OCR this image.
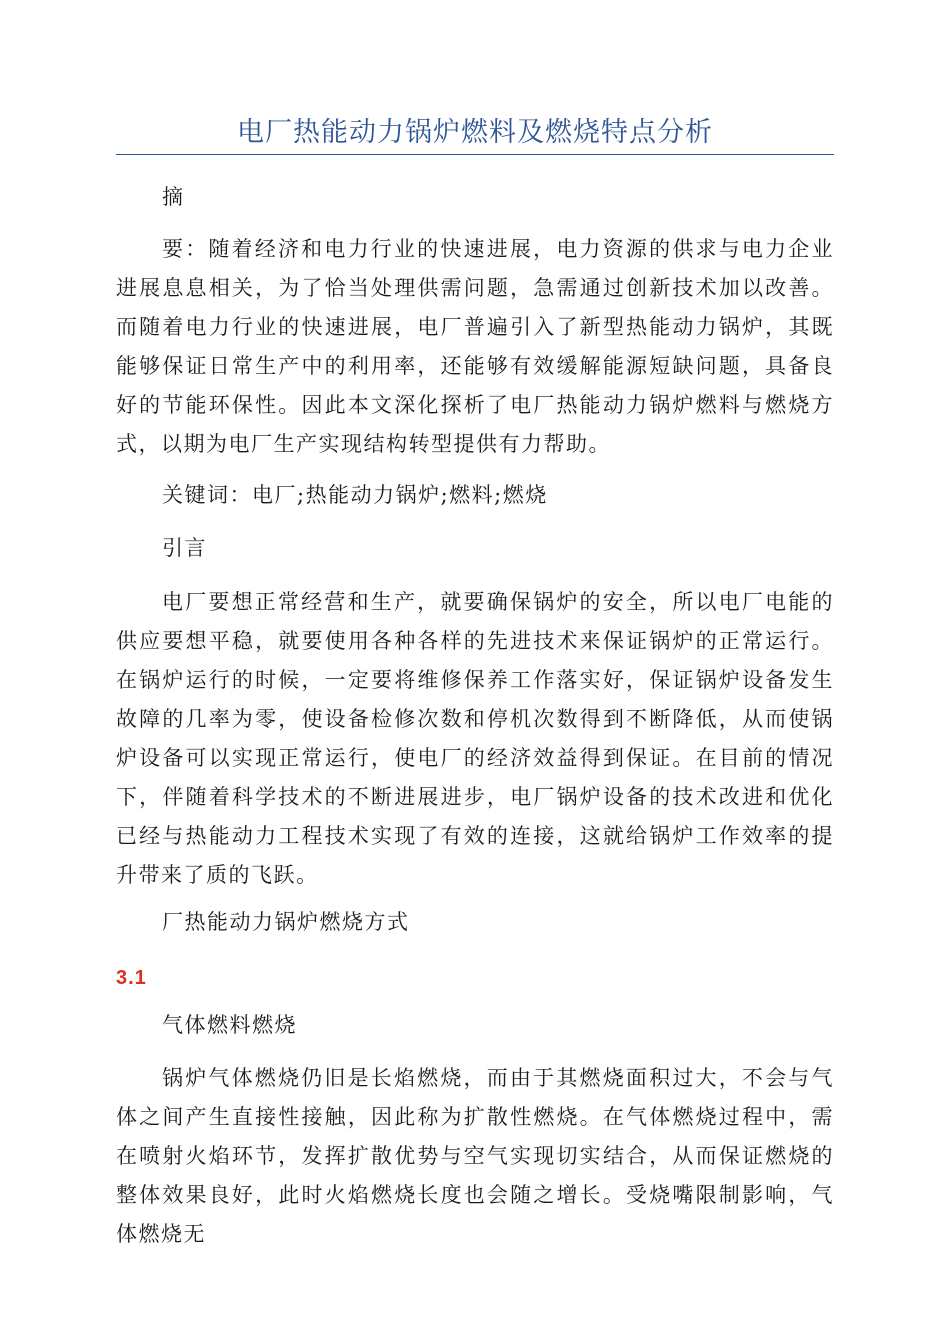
电厂热能动力锅炉燃料及燃烧特点分析
摘
要：随着经济和电力行业的快速进展，电力资源的供求与电力企业进展息息相关，为了恰当处理供需问题，急需通过创新技术加以改善。而随着电力行业的快速进展，电厂普遍引入了新型热能动力锅炉，其既能够保证日常生产中的利用率，还能够有效缓解能源短缺问题，具备良好的节能环保性。因此本文深化探析了电厂热能动力锅炉燃料与燃烧方式，以期为电厂生产实现结构转型提供有力帮助。
关键词：电厂;热能动力锅炉;燃料;燃烧
引言
电厂要想正常经营和生产，就要确保锅炉的安全，所以电厂电能的供应要想平稳，就要使用各种各样的先进技术来保证锅炉的正常运行。在锅炉运行的时候，一定要将维修保养工作落实好，保证锅炉设备发生故障的几率为零，使设备检修次数和停机次数得到不断降低，从而使锅炉设备可以实现正常运行，使电厂的经济效益得到保证。在目前的情况下，伴随着科学技术的不断进展进步，电厂锅炉设备的技术改进和优化已经与热能动力工程技术实现了有效的连接，这就给锅炉工作效率的提升带来了质的飞跃。
厂热能动力锅炉燃烧方式
3.1
气体燃料燃烧
锅炉气体燃烧仍旧是长焰燃烧，而由于其燃烧面积过大，不会与气体之间产生直接性接触，因此称为扩散性燃烧。在气体燃烧过程中，需在喷射火焰环节，发挥扩散优势与空气实现切实结合，从而保证燃烧的整体效果良好，此时火焰燃烧长度也会随之增长。受烧嘴限制影响，气体燃烧无
